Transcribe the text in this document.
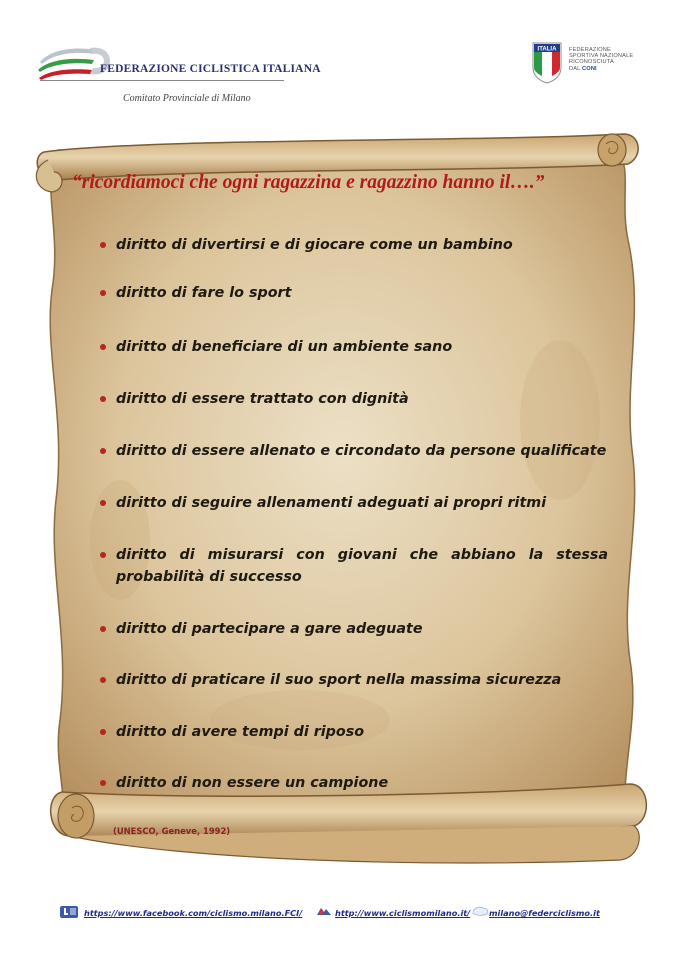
FEDERAZIONE CICLISTICA ITALIANA
Comitato Provinciale di Milano
ITALIA FEDERAZIONE
SPORTIVA NAZIONALE
RICONOSCIUTA
DAL CONI
“ricordiamoci che ogni ragazzina e ragazzino hanno il….”
diritto di divertirsi e di giocare come un bambino
diritto di fare lo sport
diritto di beneficiare di un ambiente sano
diritto di essere trattato con dignità
diritto di essere allenato e circondato da persone qualificate
diritto di seguire allenamenti adeguati ai propri ritmi
diritto di misurarsi con giovani che abbiano la stessa probabilità di successo
diritto di partecipare a gare adeguate
diritto di praticare il suo sport nella massima sicurezza
diritto di avere tempi di riposo
diritto di non essere un campione
(UNESCO, Geneve, 1992)
https://www.facebook.com/ciclismo.milano.FCI/	http://www.ciclismomilano.it/ milano@federciclismo.it
